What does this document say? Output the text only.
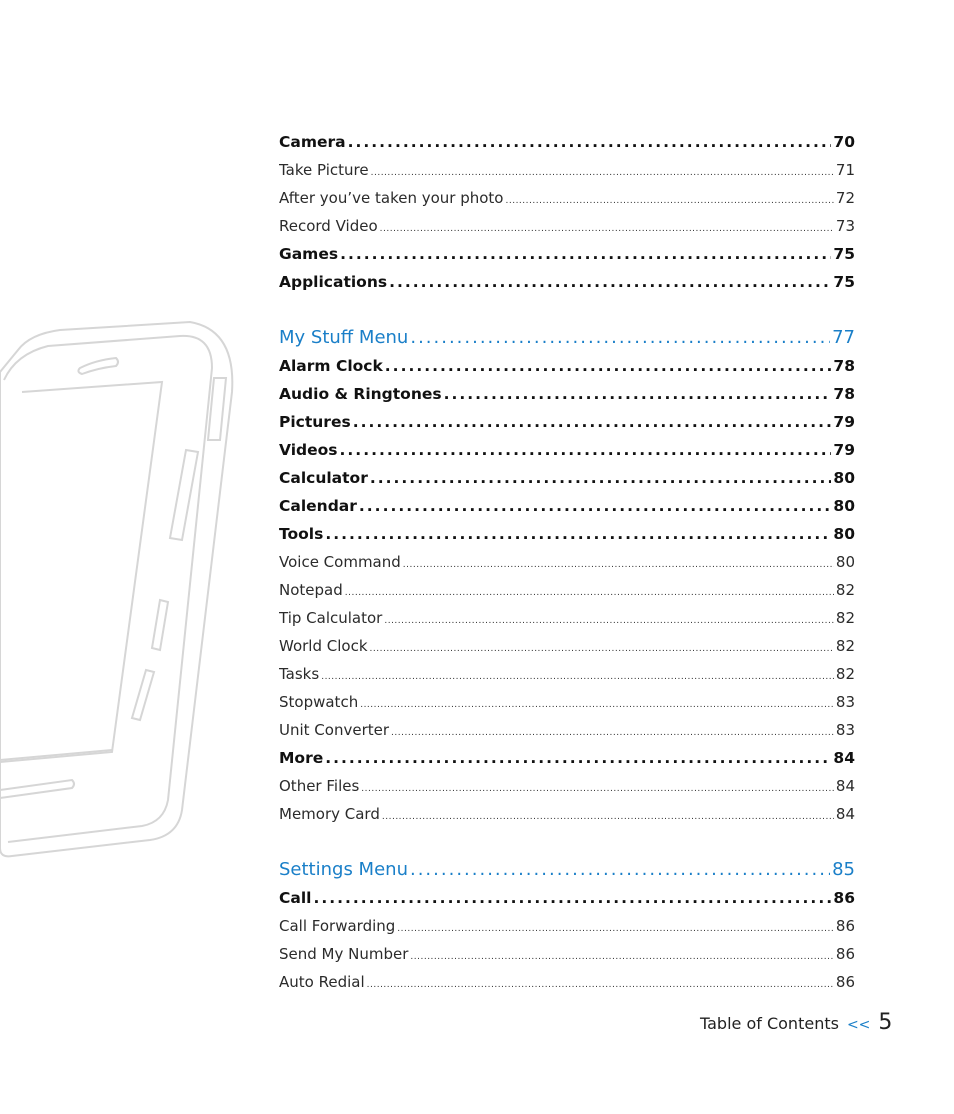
Camera .....	70
Take Picture .....	71
After you’ve taken your photo .....	72
Record Video .....	73
Games .....	75
Applications .....	75
My Stuff Menu .....	77
Alarm Clock .....	78
Audio & Ringtones .....	78
Pictures .....	79
Videos .....	79
Calculator .....	80
Calendar .....	80
Tools .....	80
Voice Command .....	80
Notepad .....	82
Tip Calculator .....	82
World Clock .....	82
Tasks .....	82
Stopwatch .....	83
Unit Converter .....	83
More .....	84
Other Files .....	84
Memory Card .....	84
Settings Menu .....	85
Call .....	86
Call Forwarding .....	86
Send My Number .....	86
Auto Redial .....	86
Table of Contents << 5
